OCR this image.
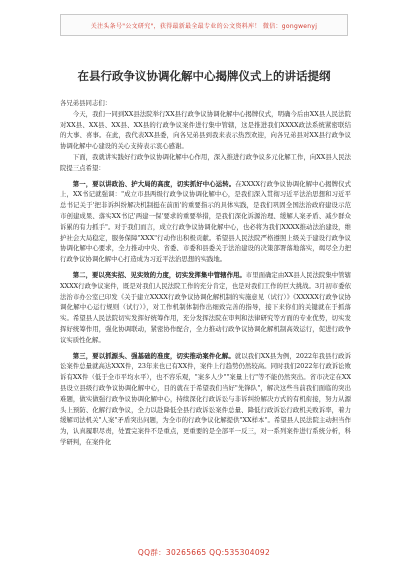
关注头条号"公文研究"，获得最新最全最专业的公文资料库！ 微信：gongwenyj
在县行政争议协调化解中心揭牌仪式上的讲话提纲

各兄弟县同志们：

今天，我们一同到XX县法院举行XX县行政争议协调化解中心揭牌仪式，明确今后由XX县人民法院对XX县、XX县、XX县、XX县的行政争议案件进行集中管辖，这是推进我们XXXX政法系统紧密联结的大事、喜事。在此，我代表XX县委，向各兄弟县到我来表示热烈欢迎，向各兄弟县对XX县行政争议协调化解中心建设的关心支持表示衷心感谢。

下面，我就讲实践好行政争议协调化解中心作用，深入推进行政争议多元化解工作，向XX县人民法院提三点希望：

第一，要以讲政治、护大局的高度，切实抓好中心运转。在XXXX行政争议协调化解中心揭牌仪式上，XX书记就强调："成立市县两级行政争议协调化解中心，是我们深入贯彻习近平法治思想和习近平总书记关于'把非诉纠纷解决机制挺在前面'的重要指示的具体实践，是我们巩固全国法治政府建设示范市创建成果、落实XX书记'两建一保'要求的重要举措，是我们深化诉源治理、缓解人案矛盾、减少群众诉累的有力抓手"。对于我们而言，成立行政争议协调化解中心，也必将为我们XXXX推动法治建设，维护社会大局稳定，服务保障"XXX"行动作出积极贡献。希望县人民法院严格遵照上级关于建设行政争议协调化解中心要求，全力推动中央、省委、市委和县委关于法治建设的决策部署落地落实，竭尽全力把行政争议协调化解中心打造成为习近平法治思想的实践地。

第二，要以亮实招、见实效的力度，切实发挥集中管辖作用。市里面确定由XX县人民法院集中管辖XXXX行政争议案件，既是对我们人民法院工作的充分肯定，也是对我们工作的巨大挑战。3月初市委依法治市办公室已印发《关于建立XXXX行政争议协调化解机制的实施意见（试行）》《XXXXX行政争议协调化解中心运行规则（试行）》，对工作机制体制作出细致完善的指导，接下来你们的关键就在于抓落实。希望县人民法院切实发挥好统筹作用，充分发挥法院在审判和法律研究等方面的专业优势，切实发挥好统筹作用，强化协调联动，紧密协作配合，全力推动行政争议协调化解机制高效运行，促进行政争议实质性化解。

第三，要以抓源头、强基础的准度，切实推动案件化解。就以我们XX县为例，2022年我县行政诉讼案件总量就高达XXX件，23年来也已有XX件，案件上行趋势仍然较高。同时我们2022年行政诉讼败诉有XX件（低于全市平均水平），也不容乐观，"案多人少""案量上行"等不能仍然突出。省市决定在XX县设立县级行政争议协调化解中心，目的就在于希望我们当好"先锋队"，解决这些当前我们面临的突出难题，做实做强行政争议协调化解中心，持续深化行政诉讼与非诉纠纷解决方式的有机衔接，努力从源头上预防、化解行政争议，全力以赴降低全县行政诉讼案件总量、降低行政诉讼行政机关败诉率，着力缓解司法机关"人案"矛盾突出问题，为全市的行政争议化解提供"XX样本"。希望县人民法院主动担当作为，认真履职尽责，处置完案件不是重点，更重要的是全部平一反三，对一系列案件进行系统分析，科学研判，在案件化

QQ群：30265665 QQ:535304092
